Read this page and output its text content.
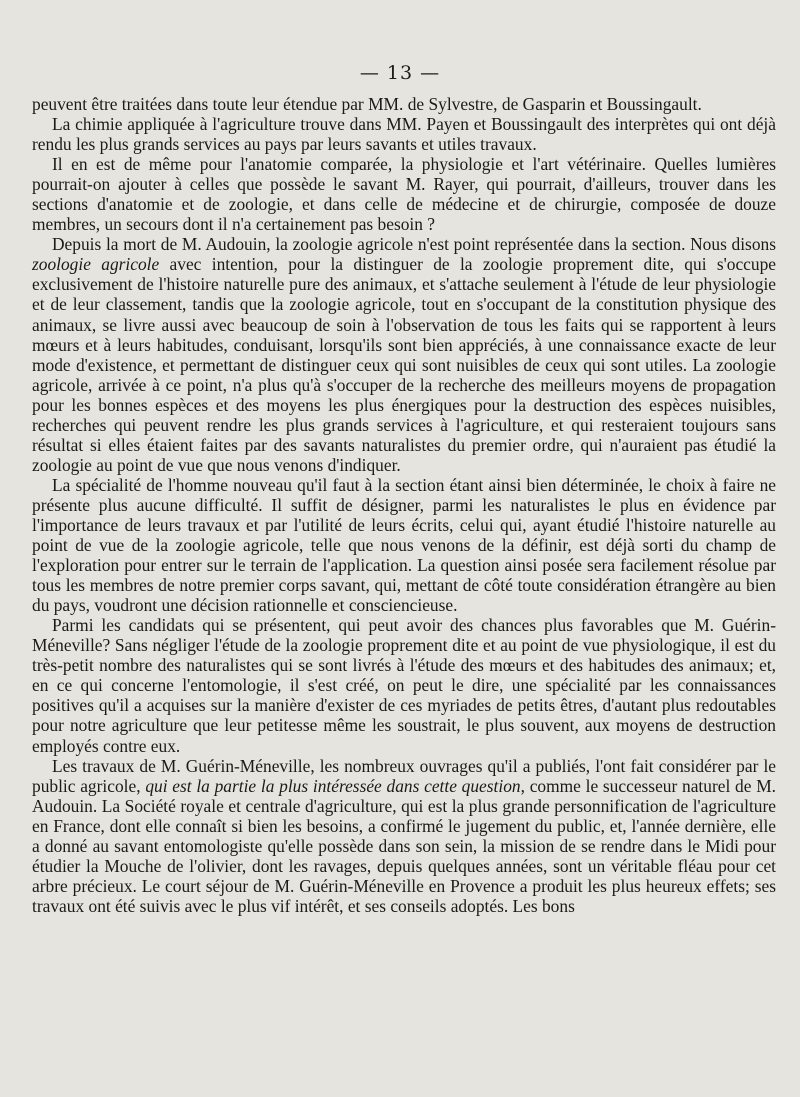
— 13 —

peuvent être traitées dans toute leur étendue par MM. de Sylvestre, de Gasparin et Boussingault.

La chimie appliquée à l'agriculture trouve dans MM. Payen et Boussingault des interprètes qui ont déjà rendu les plus grands services au pays par leurs savants et utiles travaux.

Il en est de même pour l'anatomie comparée, la physiologie et l'art vétérinaire. Quelles lumières pourrait-on ajouter à celles que possède le savant M. Rayer, qui pourrait, d'ailleurs, trouver dans les sections d'anatomie et de zoologie, et dans celle de médecine et de chirurgie, composée de douze membres, un secours dont il n'a certainement pas besoin ?

Depuis la mort de M. Audouin, la zoologie agricole n'est point représentée dans la section. Nous disons zoologie agricole avec intention, pour la distinguer de la zoologie proprement dite, qui s'occupe exclusivement de l'histoire naturelle pure des animaux, et s'attache seulement à l'étude de leur physiologie et de leur classement, tandis que la zoologie agricole, tout en s'occupant de la constitution physique des animaux, se livre aussi avec beaucoup de soin à l'observation de tous les faits qui se rapportent à leurs mœurs et à leurs habitudes, conduisant, lorsqu'ils sont bien appréciés, à une connaissance exacte de leur mode d'existence, et permettant de distinguer ceux qui sont nuisibles de ceux qui sont utiles. La zoologie agricole, arrivée à ce point, n'a plus qu'à s'occuper de la recherche des meilleurs moyens de propagation pour les bonnes espèces et des moyens les plus énergiques pour la destruction des espèces nuisibles, recherches qui peuvent rendre les plus grands services à l'agriculture, et qui resteraient toujours sans résultat si elles étaient faites par des savants naturalistes du premier ordre, qui n'auraient pas étudié la zoologie au point de vue que nous venons d'indiquer.

La spécialité de l'homme nouveau qu'il faut à la section étant ainsi bien déterminée, le choix à faire ne présente plus aucune difficulté. Il suffit de désigner, parmi les naturalistes le plus en évidence par l'importance de leurs travaux et par l'utilité de leurs écrits, celui qui, ayant étudié l'histoire naturelle au point de vue de la zoologie agricole, telle que nous venons de la définir, est déjà sorti du champ de l'exploration pour entrer sur le terrain de l'application. La question ainsi posée sera facilement résolue par tous les membres de notre premier corps savant, qui, mettant de côté toute considération étrangère au bien du pays, voudront une décision rationnelle et consciencieuse.

Parmi les candidats qui se présentent, qui peut avoir des chances plus favorables que M. Guérin-Méneville? Sans négliger l'étude de la zoologie proprement dite et au point de vue physiologique, il est du très-petit nombre des naturalistes qui se sont livrés à l'étude des mœurs et des habitudes des animaux; et, en ce qui concerne l'entomologie, il s'est créé, on peut le dire, une spécialité par les connaissances positives qu'il a acquises sur la manière d'exister de ces myriades de petits êtres, d'autant plus redoutables pour notre agriculture que leur petitesse même les soustrait, le plus souvent, aux moyens de destruction employés contre eux.

Les travaux de M. Guérin-Méneville, les nombreux ouvrages qu'il a publiés, l'ont fait considérer par le public agricole, qui est la partie la plus intéressée dans cette question, comme le successeur naturel de M. Audouin. La Société royale et centrale d'agriculture, qui est la plus grande personnification de l'agriculture en France, dont elle connaît si bien les besoins, a confirmé le jugement du public, et, l'année dernière, elle a donné au savant entomologiste qu'elle possède dans son sein, la mission de se rendre dans le Midi pour étudier la Mouche de l'olivier, dont les ravages, depuis quelques années, sont un véritable fléau pour cet arbre précieux. Le court séjour de M. Guérin-Méneville en Provence a produit les plus heureux effets; ses travaux ont été suivis avec le plus vif intérêt, et ses conseils adoptés. Les bons
